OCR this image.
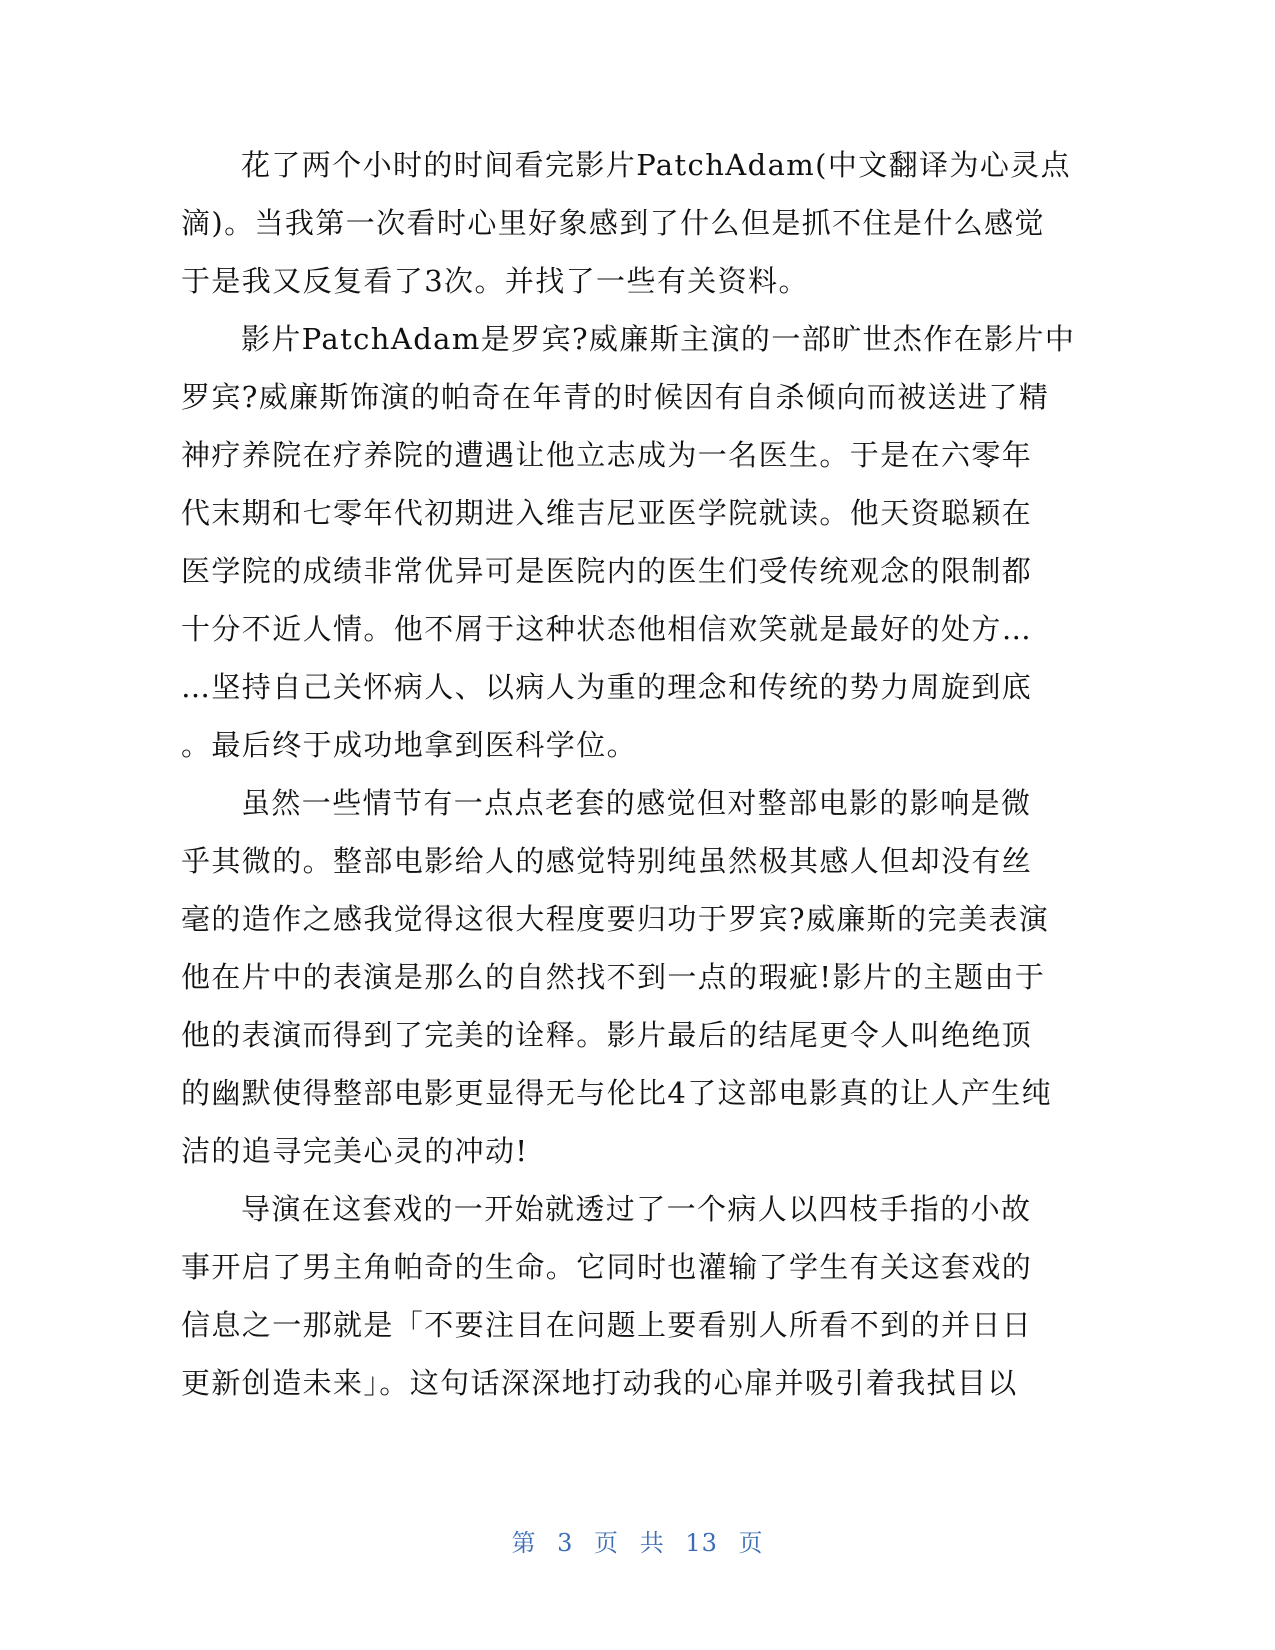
花了两个小时的时间看完影片PatchAdam(中文翻译为心灵点
滴)。当我第一次看时心里好象感到了什么但是抓不住是什么感觉
于是我又反复看了3次。并找了一些有关资料。
影片PatchAdam是罗宾?威廉斯主演的一部旷世杰作在影片中
罗宾?威廉斯饰演的帕奇在年青的时候因有自杀倾向而被送进了精
神疗养院在疗养院的遭遇让他立志成为一名医生。于是在六零年
代末期和七零年代初期进入维吉尼亚医学院就读。他天资聪颖在
医学院的成绩非常优异可是医院内的医生们受传统观念的限制都
十分不近人情。他不屑于这种状态他相信欢笑就是最好的处方…
…坚持自己关怀病人、以病人为重的理念和传统的势力周旋到底
。最后终于成功地拿到医科学位。
虽然一些情节有一点点老套的感觉但对整部电影的影响是微
乎其微的。整部电影给人的感觉特别纯虽然极其感人但却没有丝
毫的造作之感我觉得这很大程度要归功于罗宾?威廉斯的完美表演
他在片中的表演是那么的自然找不到一点的瑕疵!影片的主题由于
他的表演而得到了完美的诠释。影片最后的结尾更令人叫绝绝顶
的幽默使得整部电影更显得无与伦比4了这部电影真的让人产生纯
洁的追寻完美心灵的冲动!
导演在这套戏的一开始就透过了一个病人以四枝手指的小故
事开启了男主角帕奇的生命。它同时也灌输了学生有关这套戏的
信息之一那就是「不要注目在问题上要看别人所看不到的并日日
更新创造未来」。这句话深深地打动我的心扉并吸引着我拭目以
第 3 页 共 13 页
